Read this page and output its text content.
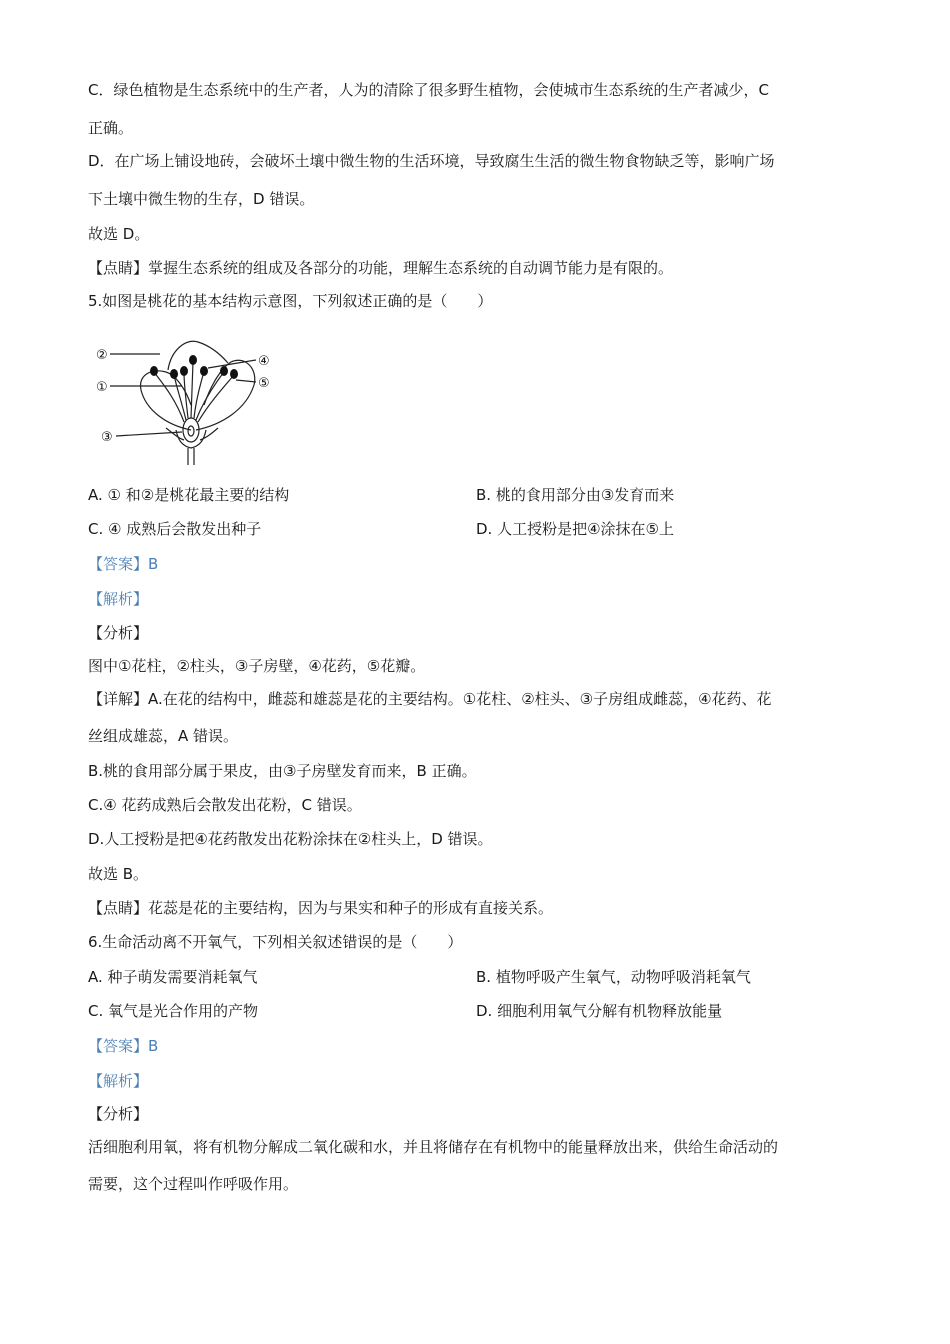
C．绿色植物是生态系统中的生产者，人为的清除了很多野生植物，会使城市生态系统的生产者减少，C
正确。
D．在广场上铺设地砖，会破坏土壤中微生物的生活环境，导致腐生生活的微生物食物缺乏等，影响广场
下土壤中微生物的生存，D 错误。
故选 D。
【点睛】掌握生态系统的组成及各部分的功能，理解生态系统的自动调节能力是有限的。
5.如图是桃花的基本结构示意图，下列叙述正确的是（　　）
②
①
③
④
⑤
A. ① 和②是桃花最主要的结构	B. 桃的食用部分由③发育而来
C. ④ 成熟后会散发出种子	D. 人工授粉是把④涂抹在⑤上
【答案】B
【解析】
【分析】
图中①花柱，②柱头，③子房壁，④花药，⑤花瓣。
【详解】A.在花的结构中，雌蕊和雄蕊是花的主要结构。①花柱、②柱头、③子房组成雌蕊，④花药、花
丝组成雄蕊，A 错误。
B.桃的食用部分属于果皮，由③子房壁发育而来，B 正确。
C.④ 花药成熟后会散发出花粉，C 错误。
D.人工授粉是把④花药散发出花粉涂抹在②柱头上，D 错误。
故选 B。
【点睛】花蕊是花的主要结构，因为与果实和种子的形成有直接关系。
6.生命活动离不开氧气，下列相关叙述错误的是（　　）
A. 种子萌发需要消耗氧气	B. 植物呼吸产生氧气，动物呼吸消耗氧气
C. 氧气是光合作用的产物	D. 细胞利用氧气分解有机物释放能量
【答案】B
【解析】
【分析】
活细胞利用氧，将有机物分解成二氧化碳和水，并且将储存在有机物中的能量释放出来，供给生命活动的
需要，这个过程叫作呼吸作用。
